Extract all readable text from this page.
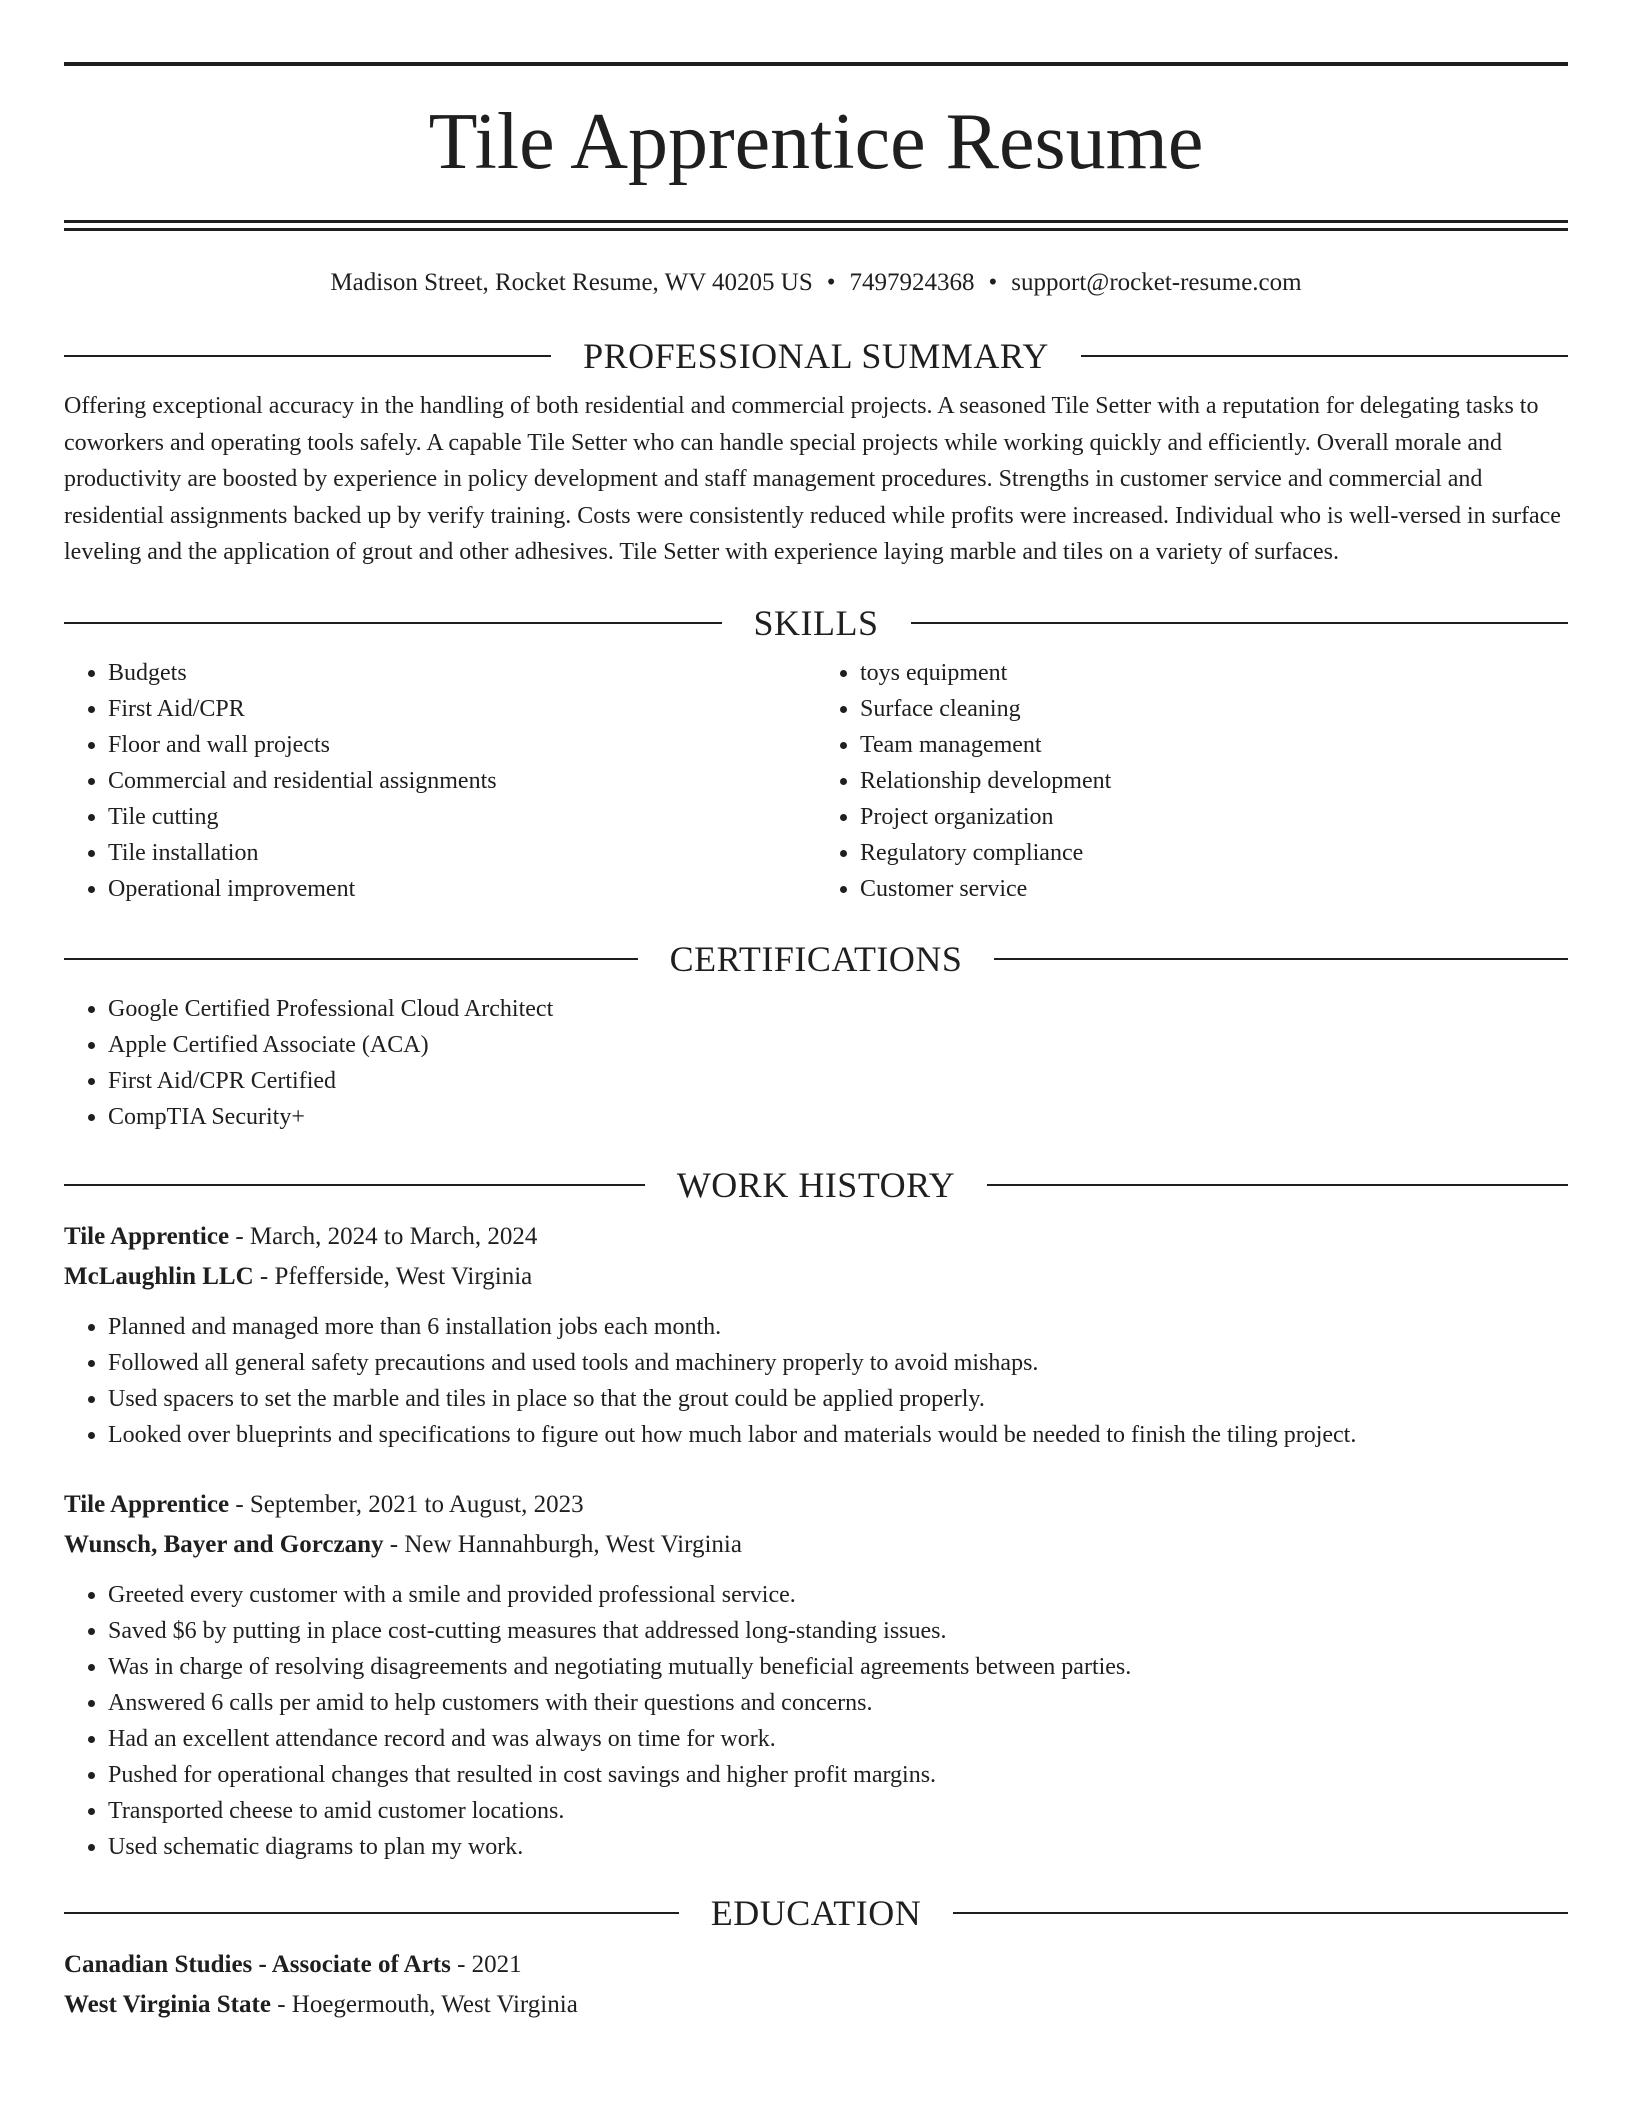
Tile Apprentice Resume
Madison Street, Rocket Resume, WV 40205 US • 7497924368 • support@rocket-resume.com
PROFESSIONAL SUMMARY

Offering exceptional accuracy in the handling of both residential and commercial projects. A seasoned Tile Setter with a reputation for delegating tasks to coworkers and operating tools safely. A capable Tile Setter who can handle special projects while working quickly and efficiently. Overall morale and productivity are boosted by experience in policy development and staff management procedures. Strengths in customer service and commercial and residential assignments backed up by verify training. Costs were consistently reduced while profits were increased. Individual who is well-versed in surface leveling and the application of grout and other adhesives. Tile Setter with experience laying marble and tiles on a variety of surfaces.

SKILLS
• Budgets
• First Aid/CPR
• Floor and wall projects
• Commercial and residential assignments
• Tile cutting
• Tile installation
• Operational improvement
• toys equipment
• Surface cleaning
• Team management
• Relationship development
• Project organization
• Regulatory compliance
• Customer service
CERTIFICATIONS
• Google Certified Professional Cloud Architect
• Apple Certified Associate (ACA)
• First Aid/CPR Certified
• CompTIA Security+
WORK HISTORY
Tile Apprentice - March, 2024 to March, 2024
McLaughlin LLC - Pfefferside, West Virginia
• Planned and managed more than 6 installation jobs each month.
• Followed all general safety precautions and used tools and machinery properly to avoid mishaps.
• Used spacers to set the marble and tiles in place so that the grout could be applied properly.
• Looked over blueprints and specifications to figure out how much labor and materials would be needed to finish the tiling project.
Tile Apprentice - September, 2021 to August, 2023
Wunsch, Bayer and Gorczany - New Hannahburgh, West Virginia
• Greeted every customer with a smile and provided professional service.
• Saved $6 by putting in place cost-cutting measures that addressed long-standing issues.
• Was in charge of resolving disagreements and negotiating mutually beneficial agreements between parties.
• Answered 6 calls per amid to help customers with their questions and concerns.
• Had an excellent attendance record and was always on time for work.
• Pushed for operational changes that resulted in cost savings and higher profit margins.
• Transported cheese to amid customer locations.
• Used schematic diagrams to plan my work.
EDUCATION
Canadian Studies - Associate of Arts - 2021
West Virginia State - Hoegermouth, West Virginia
